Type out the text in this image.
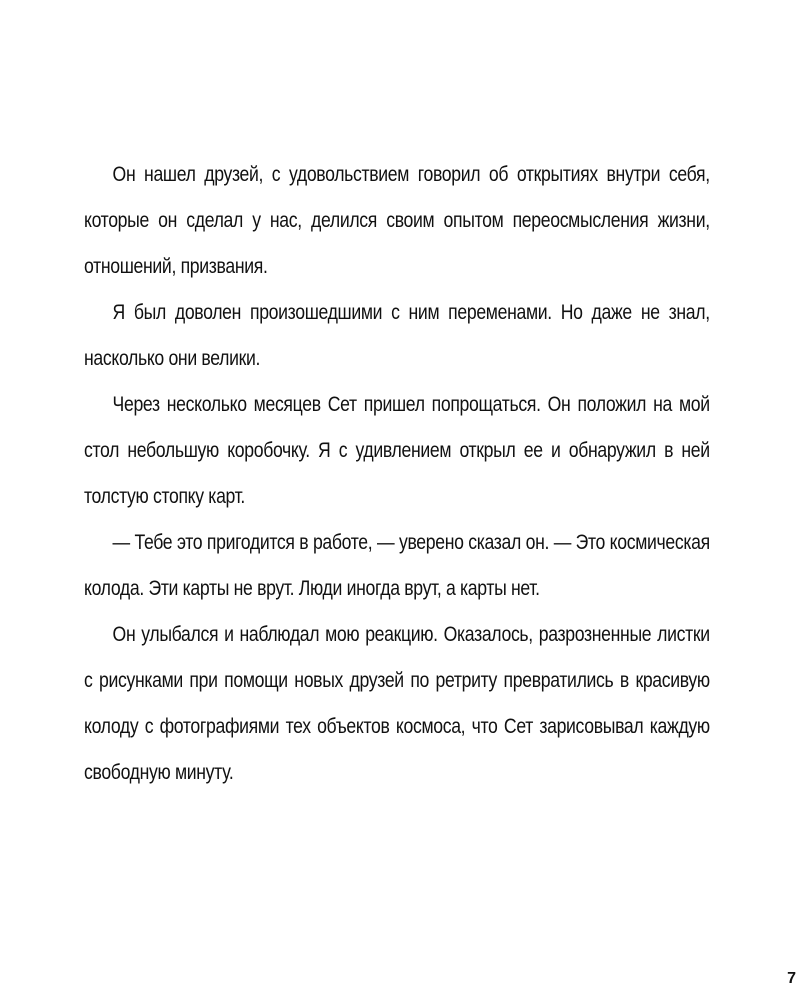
Он нашел друзей, с удовольствием говорил об открытиях внутри себя, которые он сделал у нас, делился своим опытом переосмысления жизни, отношений, призвания.

Я был доволен произошедшими с ним переменами. Но даже не знал, насколько они велики.

Через несколько месяцев Сет пришел попрощаться. Он положил на мой стол небольшую коробочку. Я с удивлением открыл ее и обнаружил в ней толстую стопку карт.

— Тебе это пригодится в работе, — уверено сказал он. — Это космическая колода. Эти карты не врут. Люди иногда врут, а карты нет.

Он улыбался и наблюдал мою реакцию. Оказалось, разрозненные листки с рисунками при помощи новых друзей по ретриту превратились в красивую колоду с фотографиями тех объектов космоса, что Сет зарисовывал каждую свободную минуту.

7
